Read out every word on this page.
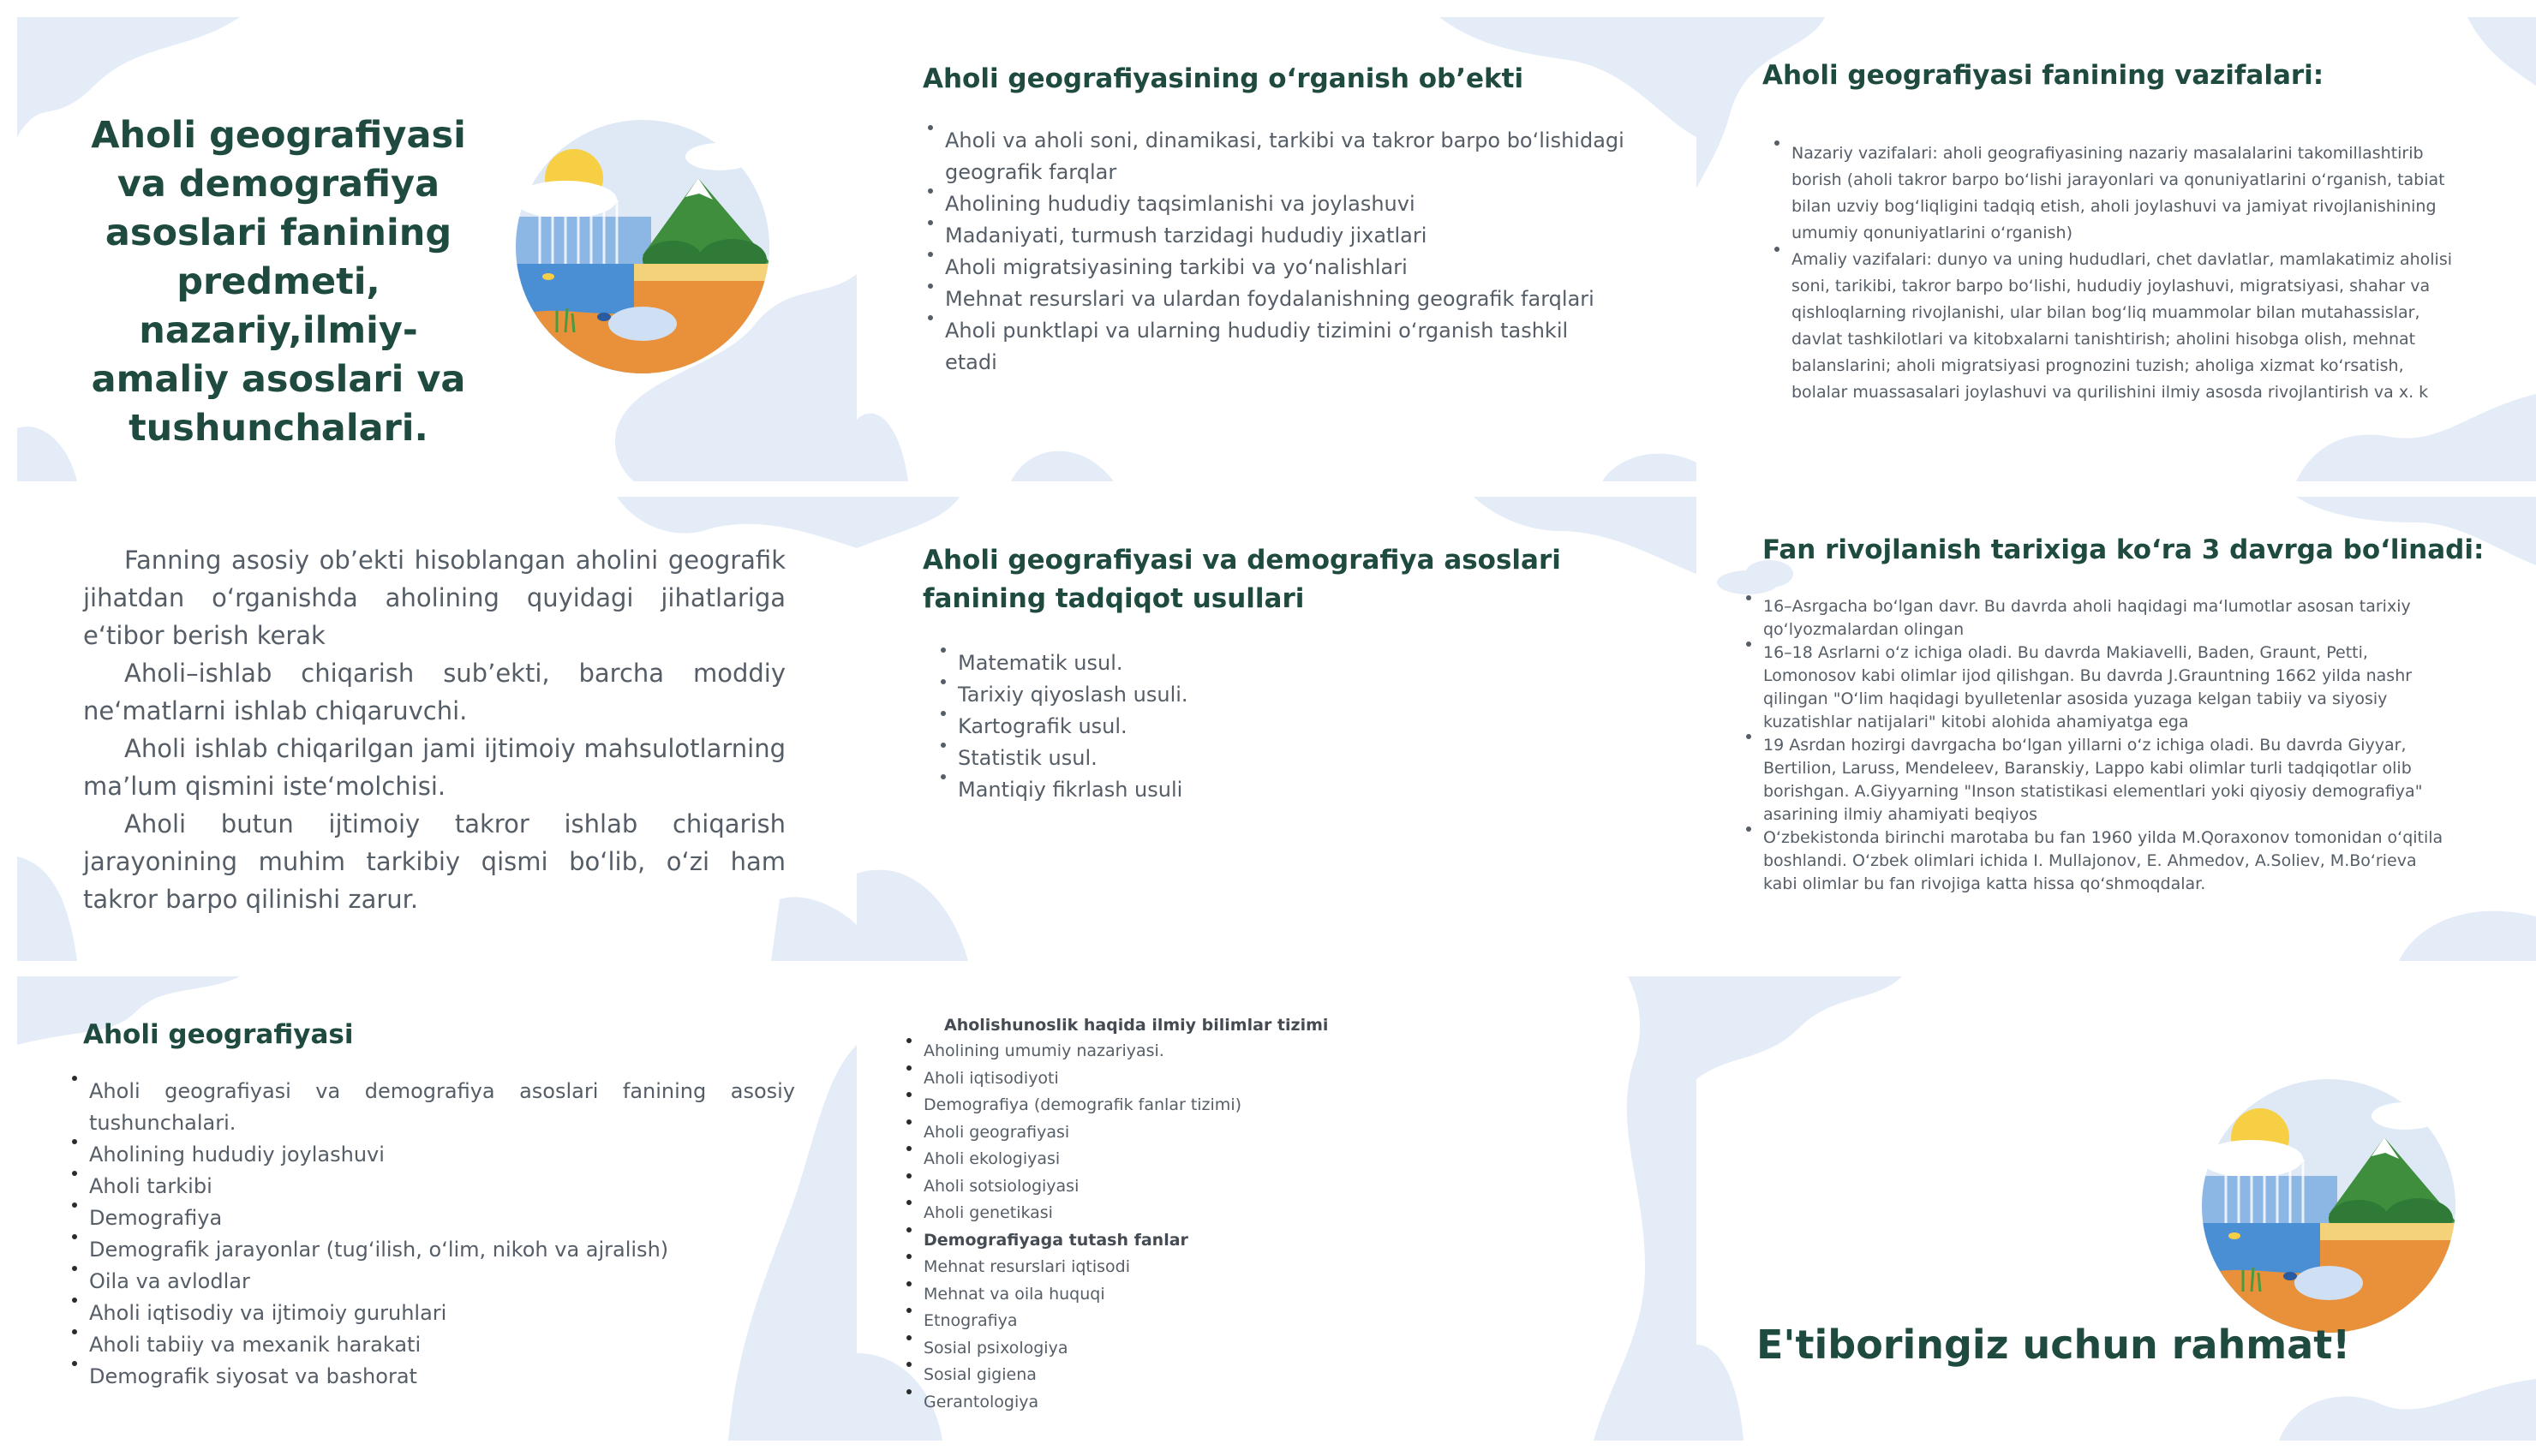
Aholi geografiyasi va demografiya asoslari fanining predmeti, nazariy,ilmiy-amaliy asoslari va tushunchalari.
Aholi geografiyasining o‘rganish ob’ekti
Aholi va aholi soni, dinamikasi, tarkibi va takror barpo bo‘lishidagi geografik farqlar
Aholining hududiy taqsimlanishi va joylashuvi
Madaniyati, turmush tarzidagi hududiy jixatlari
Aholi migratsiyasining tarkibi va yo‘nalishlari
Mehnat resurslari va ulardan foydalanishning geografik farqlari
Aholi punktlapi va ularning hududiy tizimini o‘rganish tashkil etadi
Aholi geografiyasi fanining vazifalari:
Nazariy vazifalari: aholi geografiyasining nazariy masalalarini takomillashtirib borish (aholi takror barpo bo‘lishi jarayonlari va qonuniyatlarini o‘rganish, tabiat bilan uzviy bog‘liqligini tadqiq etish, aholi joylashuvi va jamiyat rivojlanishining umumiy qonuniyatlarini o‘rganish)
Amaliy vazifalari: dunyo va uning hududlari, chet davlatlar, mamlakatimiz aholisi soni, tarikibi, takror barpo bo‘lishi, hududiy joylashuvi, migratsiyasi, shahar va qishloqlarning rivojlanishi, ular bilan bog‘liq muammolar bilan mutahassislar, davlat tashkilotlari va kitobxalarni tanishtirish; aholini hisobga olish, mehnat balanslarini; aholi migratsiyasi prognozini tuzish; aholiga xizmat ko‘rsatish, bolalar muassasalari joylashuvi va qurilishini ilmiy asosda rivojlantirish va x. k

Fanning asosiy ob’ekti hisoblangan aholini geografik jihatdan o‘rganishda aholining quyidagi jihatlariga e‘tibor berish kerak

Aholi–ishlab chiqarish sub’ekti, barcha moddiy ne‘matlarni ishlab chiqaruvchi.

Aholi ishlab chiqarilgan jami ijtimoiy mahsulotlarning ma’lum qismini iste‘molchisi.

Aholi butun ijtimoiy takror ishlab chiqarish jarayonining muhim tarkibiy qismi bo‘lib, o‘zi ham takror barpo qilinishi zarur.

Aholi geografiyasi va demografiya asoslari fanining tadqiqot usullari
Matematik usul.
Tarixiy qiyoslash usuli.
Kartografik usul.
Statistik usul.
Mantiqiy fikrlash usuli
Fan rivojlanish tarixiga ko‘ra 3 davrga bo‘linadi:
16–Asrgacha bo‘lgan davr. Bu davrda aholi haqidagi ma‘lumotlar asosan tarixiy qo‘lyozmalardan olingan
16–18 Asrlarni o‘z ichiga oladi. Bu davrda Makiavelli, Baden, Graunt, Petti, Lomonosov kabi olimlar ijod qilishgan. Bu davrda J.Grauntning 1662 yilda nashr qilingan "O‘lim haqidagi byulletenlar asosida yuzaga kelgan tabiiy va siyosiy kuzatishlar natijalari" kitobi alohida ahamiyatga ega
19 Asrdan hozirgi davrgacha bo‘lgan yillarni o‘z ichiga oladi. Bu davrda Giyyar, Bertilion, Laruss, Mendeleev, Baranskiy, Lappo kabi olimlar turli tadqiqotlar olib borishgan. A.Giyyarning "Inson statistikasi elementlari yoki qiyosiy demografiya" asarining ilmiy ahamiyati beqiyos
O‘zbekistonda birinchi marotaba bu fan 1960 yilda M.Qoraxonov tomonidan o‘qitila boshlandi. O‘zbek olimlari ichida I. Mullajonov, E. Ahmedov, A.Soliev, M.Bo‘rieva kabi olimlar bu fan rivojiga katta hissa qo‘shmoqdalar.
Aholi geografiyasi
Aholi geografiyasi va demografiya asoslari fanining asosiy tushunchalari.
Aholining hududiy joylashuvi
Aholi tarkibi
Demografiya
Demografik jarayonlar (tug‘ilish, o‘lim, nikoh va ajralish)
Oila va avlodlar
Aholi iqtisodiy va ijtimoiy guruhlari
Aholi tabiiy va mexanik harakati
Demografik siyosat va bashorat
Aholishunoslik haqida ilmiy bilimlar tizimi
Aholining umumiy nazariyasi.
Aholi iqtisodiyoti
Demografiya (demografik fanlar tizimi)
Aholi geografiyasi
Aholi ekologiyasi
Aholi sotsiologiyasi
Aholi genetikasi
Demografiyaga tutash fanlar
Mehnat resurslari iqtisodi
Mehnat va oila huquqi
Etnografiya
Sosial psixologiya
Sosial gigiena
Gerantologiya
E'tiboringiz uchun rahmat!
